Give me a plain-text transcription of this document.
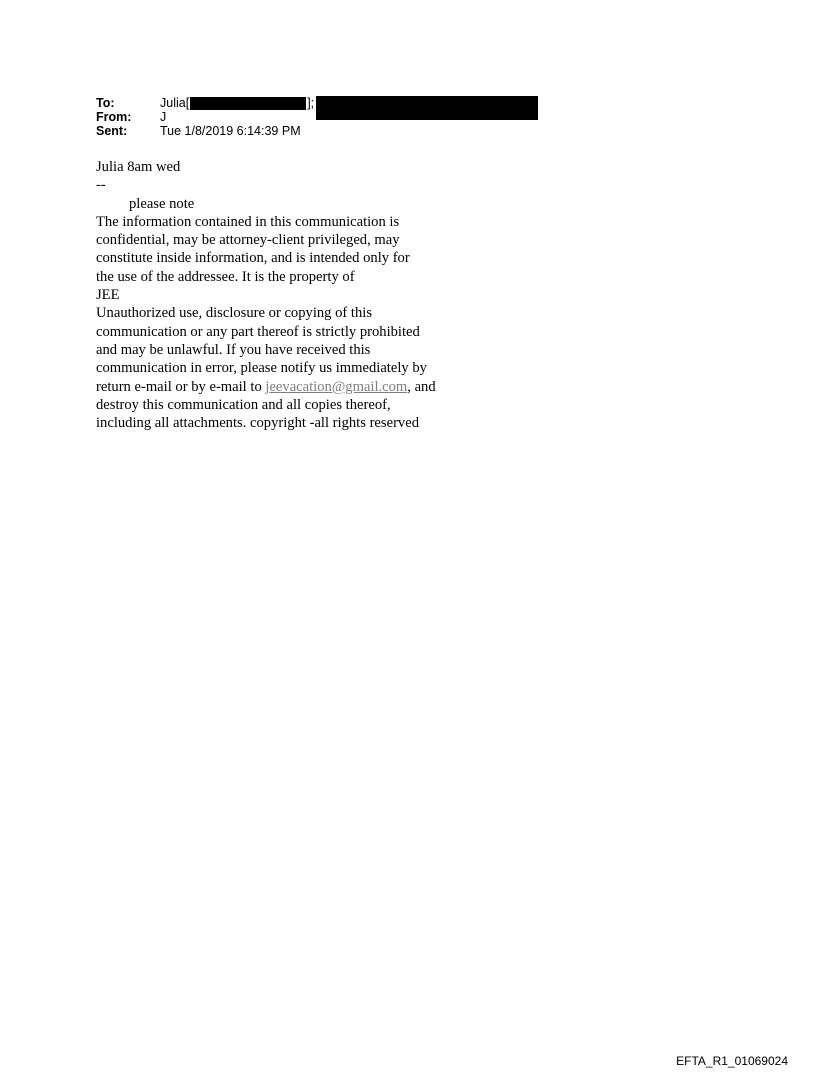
To:	Julia [	];
From:	J
Sent:	Tue 1/8/2019 6:14:39 PM

Julia 8am wed

--

please note

The information contained in this communication is

confidential, may be attorney-client privileged, may

constitute inside information, and is intended only for

the use of the addressee. It is the property of

JEE

Unauthorized use, disclosure or copying of this

communication or any part thereof is strictly prohibited

and may be unlawful. If you have received this

communication in error, please notify us immediately by

return e-mail or by e-mail to jeevacation@gmail.com, and

destroy this communication and all copies thereof,

including all attachments. copyright -all rights reserved

EFTA_R1_01069024
